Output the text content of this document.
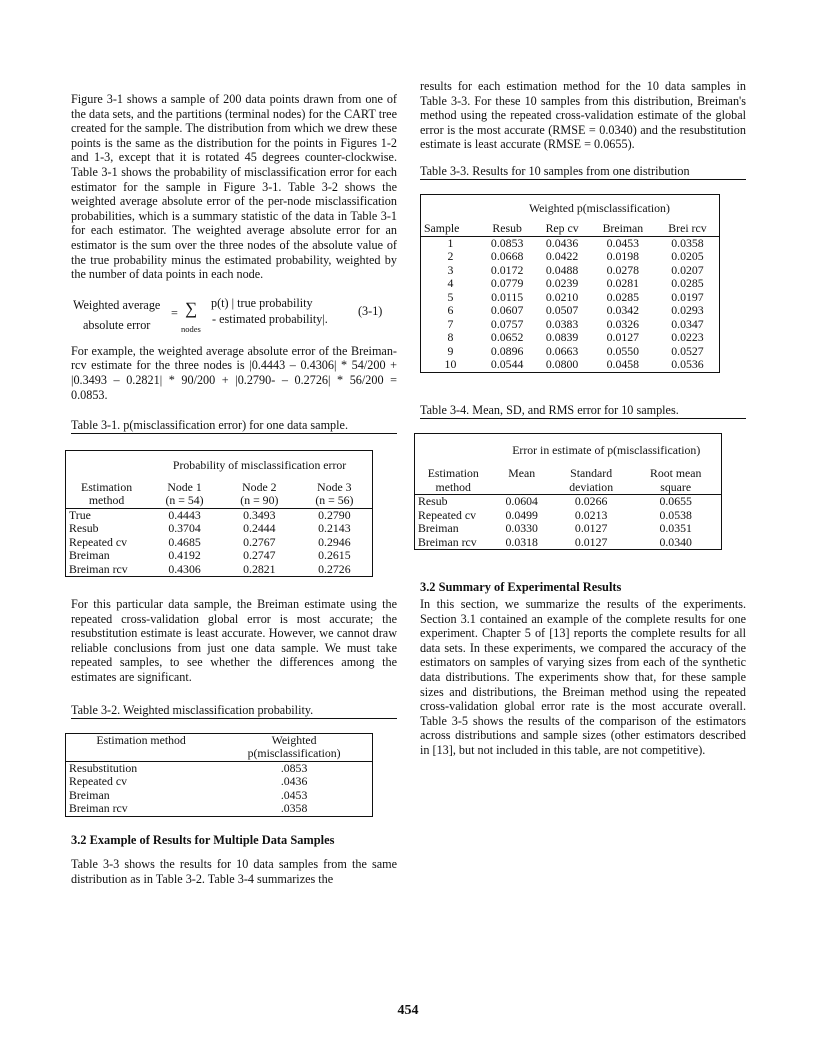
Figure 3-1 shows a sample of 200 data points drawn from one of the data sets, and the partitions (terminal nodes) for the CART tree created for the sample. The distribution from which we drew these points is the same as the distribution for the points in Figures 1-2 and 1-3, except that it is rotated 45 degrees counter-clockwise. Table 3-1 shows the probability of misclassification error for each estimator for the sample in Figure 3-1. Table 3-2 shows the weighted average absolute error of the per-node misclassification probabilities, which is a summary statistic of the data in Table 3-1 for each estimator. The weighted average absolute error for an estimator is the sum over the three nodes of the absolute value of the true probability minus the estimated probability, weighted by the number of data points in each node.

Weighted average
absolute error
= ∑
nodes
p(t) | true probability
- estimated probability|.
(3-1)

For example, the weighted average absolute error of the Breiman-rcv estimate for the three nodes is |0.4443 – 0.4306| * 54/200 + |0.3493 – 0.2821| * 90/200 + |0.2790- – 0.2726| * 56/200 = 0.0853.

Table 3-1. p(misclassification error) for one data sample.

	Probability of misclassification error		
Estimation	Node 1	Node 2	Node 3
method	(n = 54)	(n = 90)	(n = 56)
True	0.4443	0.3493	0.2790
Resub	0.3704	0.2444	0.2143
Repeated cv	0.4685	0.2767	0.2946
Breiman	0.4192	0.2747	0.2615
Breiman rcv	0.4306	0.2821	0.2726

For this particular data sample, the Breiman estimate using the repeated cross-validation global error is most accurate; the resubstitution estimate is least accurate. However, we cannot draw reliable conclusions from just one data sample. We must take repeated samples, to see whether the differences among the estimates are significant.

Table 3-2. Weighted misclassification probability.

Estimation method	Weighted
	p(misclassification)
Resubstitution	.0853
Repeated cv	.0436
Breiman	.0453
Breiman rcv	.0358
3.2 Example of Results for Multiple Data Samples

Table 3-3 shows the results for 10 data samples from the same distribution as in Table 3-2. Table 3-4 summarizes the

results for each estimation method for the 10 data samples in Table 3-3. For these 10 samples from this distribution, Breiman's method using the repeated cross-validation estimate of the global error is the most accurate (RMSE = 0.0340) and the resubstitution estimate is least accurate (RMSE = 0.0655).

Table 3-3. Results for 10 samples from one distribution

	Weighted p(misclassification)			
Sample	Resub	Rep cv	Breiman	Brei rcv
1	0.0853	0.0436	0.0453	0.0358
2	0.0668	0.0422	0.0198	0.0205
3	0.0172	0.0488	0.0278	0.0207
4	0.0779	0.0239	0.0281	0.0285
5	0.0115	0.0210	0.0285	0.0197
6	0.0607	0.0507	0.0342	0.0293
7	0.0757	0.0383	0.0326	0.0347
8	0.0652	0.0839	0.0127	0.0223
9	0.0896	0.0663	0.0550	0.0527
10	0.0544	0.0800	0.0458	0.0536

Table 3-4. Mean, SD, and RMS error for 10 samples.

	Error in estimate of p(misclassification)		
Estimation	Mean	Standard	Root mean
method		deviation	square
Resub	0.0604	0.0266	0.0655
Repeated cv	0.0499	0.0213	0.0538
Breiman	0.0330	0.0127	0.0351
Breiman rcv	0.0318	0.0127	0.0340
3.2 Summary of Experimental Results

In this section, we summarize the results of the experiments. Section 3.1 contained an example of the complete results for one experiment. Chapter 5 of [13] reports the complete results for all data sets. In these experiments, we compared the accuracy of the estimators on samples of varying sizes from each of the synthetic data distributions. The experiments show that, for these sample sizes and distributions, the Breiman method using the repeated cross-validation global error rate is the most accurate overall. Table 3-5 shows the results of the comparison of the estimators across distributions and sample sizes (other estimators described in [13], but not included in this table, are not competitive).

454
